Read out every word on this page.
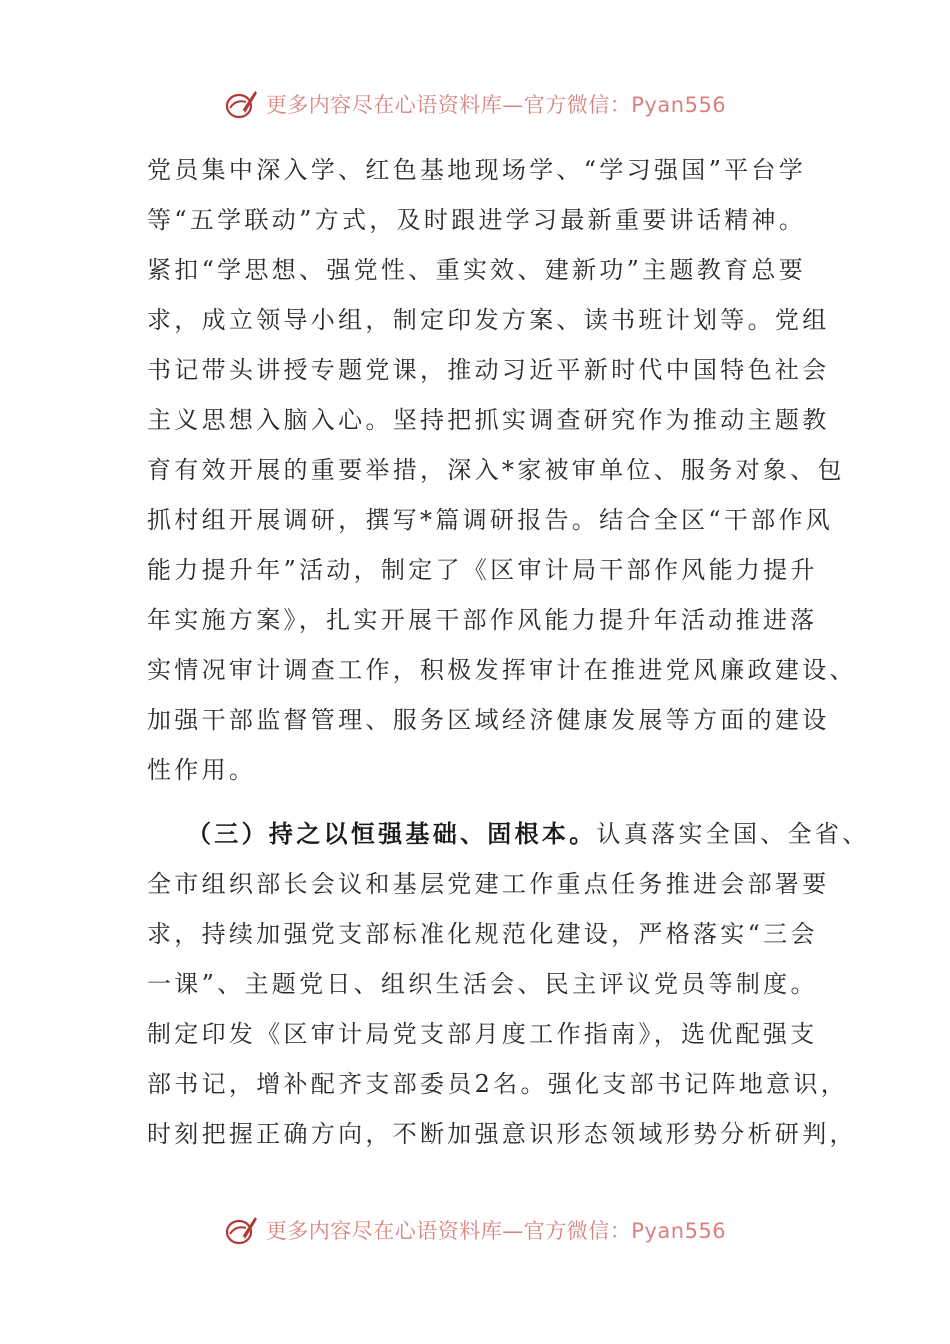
更多内容尽在心语资料库—官方微信：Pyan556
党员集中深入学、红色基地现场学、“学习强国”平台学
等“五学联动”方式，及时跟进学习最新重要讲话精神。
紧扣“学思想、强党性、重实效、建新功”主题教育总要
求，成立领导小组，制定印发方案、读书班计划等。党组
书记带头讲授专题党课，推动习近平新时代中国特色社会
主义思想入脑入心。坚持把抓实调查研究作为推动主题教
育有效开展的重要举措，深入*家被审单位、服务对象、包
抓村组开展调研，撰写*篇调研报告。结合全区“干部作风
能力提升年”活动，制定了《区审计局干部作风能力提升
年实施方案》，扎实开展干部作风能力提升年活动推进落
实情况审计调查工作，积极发挥审计在推进党风廉政建设、
加强干部监督管理、服务区域经济健康发展等方面的建设
性作用。
（三）持之以恒强基础、固根本。认真落实全国、全省、
全市组织部长会议和基层党建工作重点任务推进会部署要
求，持续加强党支部标准化规范化建设，严格落实“三会
一课”、主题党日、组织生活会、民主评议党员等制度。
制定印发《区审计局党支部月度工作指南》，选优配强支
部书记，增补配齐支部委员2名。强化支部书记阵地意识，
时刻把握正确方向，不断加强意识形态领域形势分析研判，
更多内容尽在心语资料库—官方微信：Pyan556
